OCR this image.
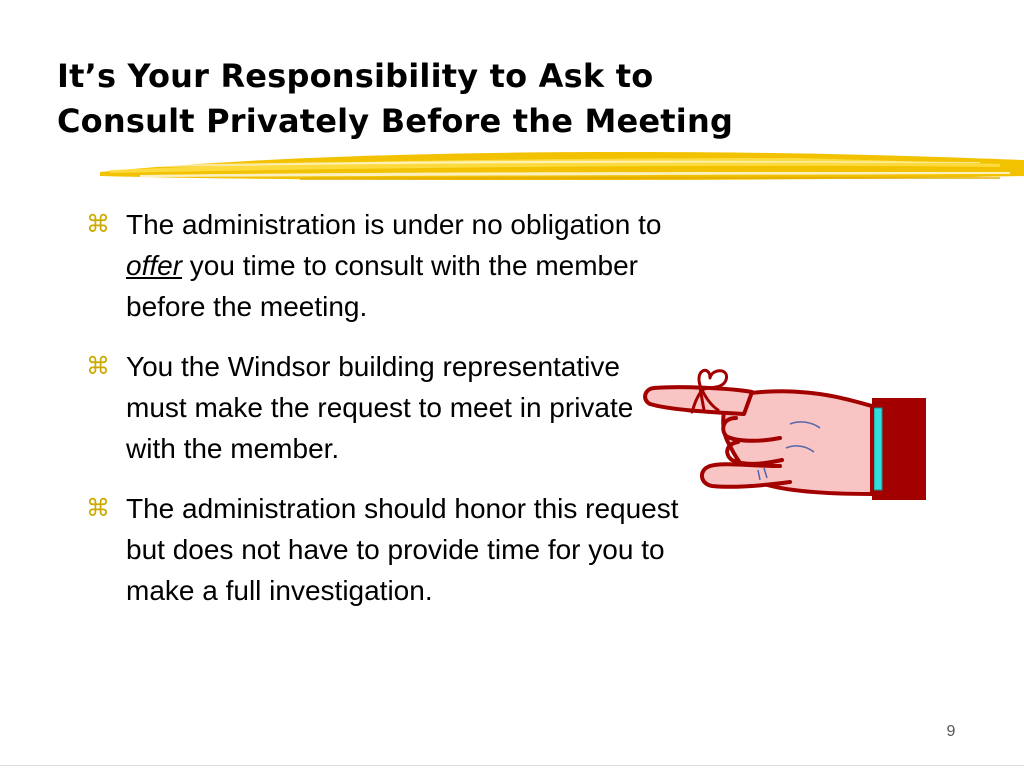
It’s Your Responsibility to Ask to
Consult Privately Before the Meeting
⌘ The administration is under no obligation to offer you time to consult with the member before the meeting.
⌘ You the Windsor building representative must make the request to meet in private with the member.
⌘ The administration should honor this request but does not have to provide time for you to make a full investigation.
9
